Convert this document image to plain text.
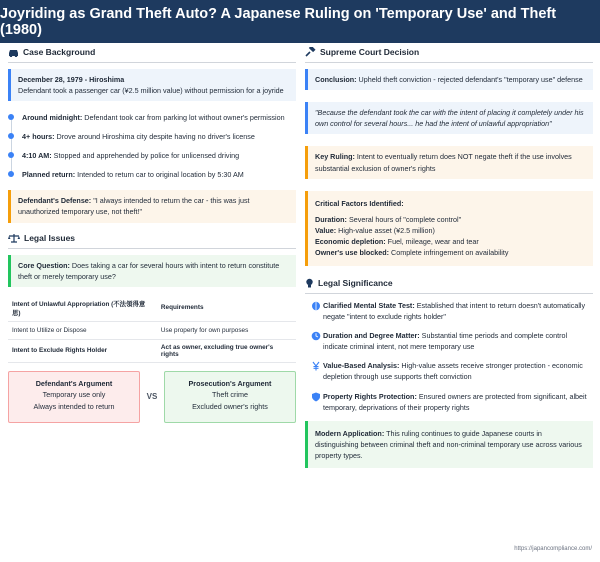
Joyriding as Grand Theft Auto? A Japanese Ruling on 'Temporary Use' and Theft (1980)
Case Background
December 28, 1979 - Hiroshima
Defendant took a passenger car (¥2.5 million value) without permission for a joyride
Around midnight: Defendant took car from parking lot without owner's permission
4+ hours: Drove around Hiroshima city despite having no driver's license
4:10 AM: Stopped and apprehended by police for unlicensed driving
Planned return: Intended to return car to original location by 5:30 AM
Defendant's Defense: "I always intended to return the car - this was just unauthorized temporary use, not theft!"
Legal Issues
Core Question: Does taking a car for several hours with intent to return constitute theft or merely temporary use?
Intent of Unlawful Appropriation (不法領得意思)	Requirements
Intent to Utilize or Dispose	Use property for own purposes
Intent to Exclude Rights Holder	Act as owner, excluding true owner's rights
Defendant's Argument
Temporary use only
Always intended to return
VS
Prosecution's Argument
Theft crime
Excluded owner's rights
Supreme Court Decision
Conclusion: Upheld theft conviction - rejected defendant's "temporary use" defense
"Because the defendant took the car with the intent of placing it completely under his own control for several hours... he had the intent of unlawful appropriation"
Key Ruling: Intent to eventually return does NOT negate theft if the use involves substantial exclusion of owner's rights
Critical Factors Identified:
Duration: Several hours of "complete control"
Value: High-value asset (¥2.5 million)
Economic depletion: Fuel, mileage, wear and tear
Owner's use blocked: Complete infringement on availability
Legal Significance
Clarified Mental State Test: Established that intent to return doesn't automatically negate "intent to exclude rights holder"
Duration and Degree Matter: Substantial time periods and complete control indicate criminal intent, not mere temporary use
Value-Based Analysis: High-value assets receive stronger protection - economic depletion through use supports theft conviction
Property Rights Protection: Ensured owners are protected from significant, albeit temporary, deprivations of their property rights
Modern Application: This ruling continues to guide Japanese courts in distinguishing between criminal theft and non-criminal temporary use across various property types.
https://japancompliance.com/
